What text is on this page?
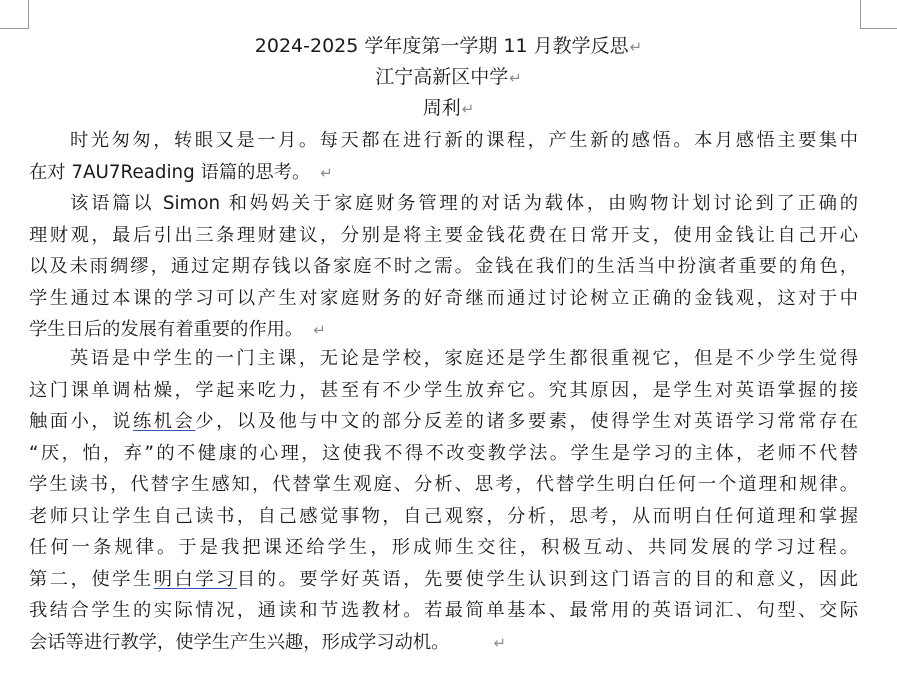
2024-2025 学年度第一学期 11 月教学反思↵
江宁高新区中学↵
周利↵
时光匆匆，转眼又是一月。每天都在进行新的课程，产生新的感悟。本月感悟主要集中
在对 7AU7Reading 语篇的思考。 ↵
该语篇以 Simon 和妈妈关于家庭财务管理的对话为载体，由购物计划讨论到了正确的
理财观，最后引出三条理财建议，分别是将主要金钱花费在日常开支，使用金钱让自己开心
以及未雨绸缪，通过定期存钱以备家庭不时之需。金钱在我们的生活当中扮演者重要的角色，
学生通过本课的学习可以产生对家庭财务的好奇继而通过讨论树立正确的金钱观，这对于中
学生日后的发展有着重要的作用。 ↵
英语是中学生的一门主课，无论是学校，家庭还是学生都很重视它，但是不少学生觉得
这门课单调枯燥，学起来吃力，甚至有不少学生放弃它。究其原因，是学生对英语掌握的接
触面小，说练机会少，以及他与中文的部分反差的诸多要素，使得学生对英语学习常常存在
“厌，怕，弃”的不健康的心理，这使我不得不改变教学法。学生是学习的主体，老师不代替
学生读书，代替字生感知，代替掌生观庭、分析、思考，代替学生明白任何一个道理和规律。
老师只让学生自己读书，自己感觉事物，自己观察，分析，思考，从而明白任何道理和掌握
任何一条规律。于是我把课还给学生，形成师生交往，积极互动、共同发展的学习过程。
第二，使学生明白学习目的。要学好英语，先要使学生认识到这门语言的目的和意义，因此
我结合学生的实际情况，通读和节选教材。若最简单基本、最常用的英语词汇、句型、交际
会话等进行教学，使学生产生兴趣，形成学习动机。	↵
